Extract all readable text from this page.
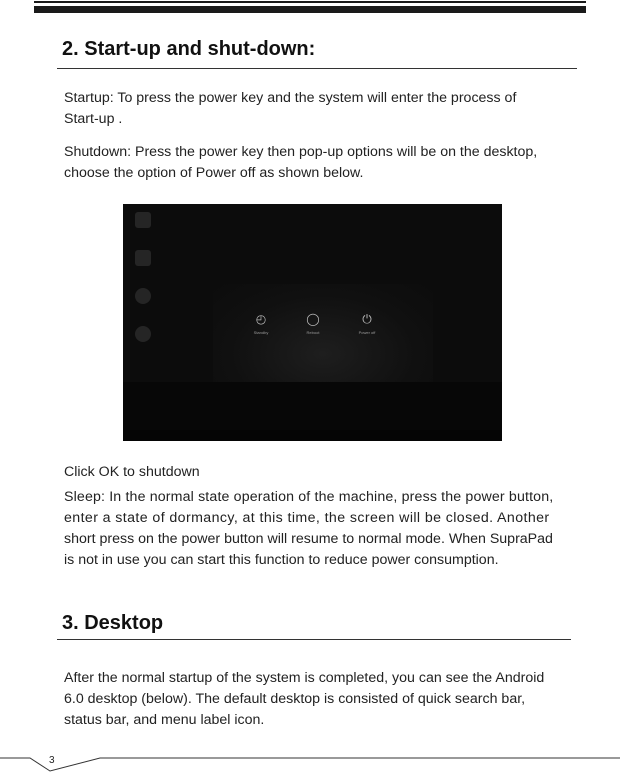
2. Start-up and shut-down:

Startup: To press the power key and the system will enter the process of

Start-up .

Shutdown: Press the power key then pop-up options will be on the desktop,

choose the option of Power off as shown below.

◴
Standby
◯
Reboot
⏻
Power off

Click OK to shutdown

Sleep: In the normal state operation of the machine, press the power button,

enter a state of dormancy, at this time, the screen will be closed. Another

short press on the power button will resume to normal mode. When SupraPad

is not in use you can start this function to reduce power consumption.

3. Desktop

After the normal startup of the system is completed, you can see the Android

6.0 desktop (below). The default desktop is consisted of quick search bar,

status bar, and menu label icon.

3
